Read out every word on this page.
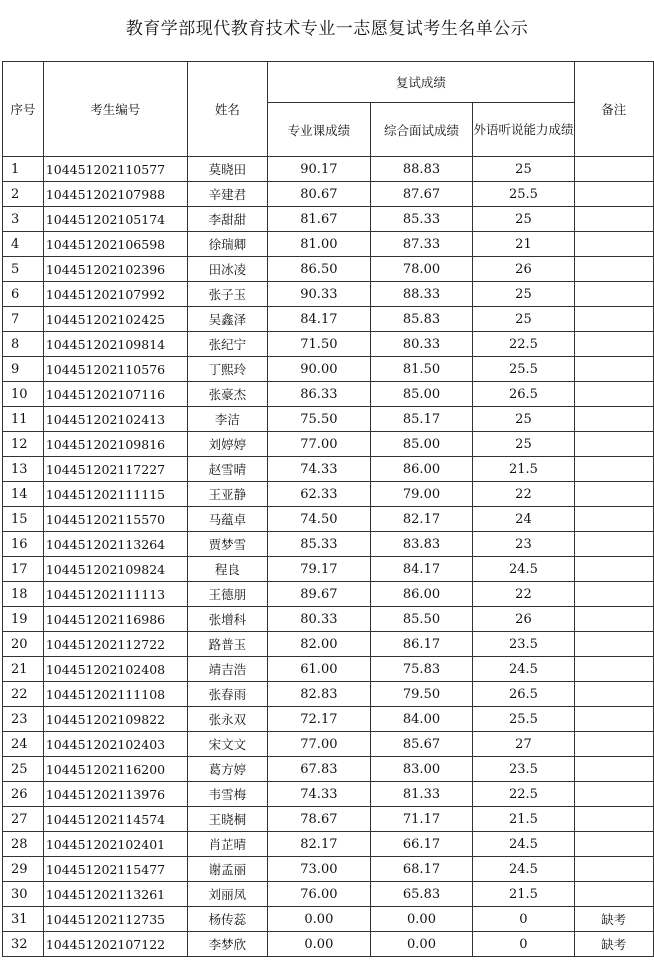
教育学部现代教育技术专业一志愿复试考生名单公示
序号	考生编号	姓名	复试成绩			备注
			专业课成绩	综合面试成绩	外语听说能力成绩	
1	104451202110577	莫晓田	90.17	88.83	25	
2	104451202107988	辛建君	80.67	87.67	25.5	
3	104451202105174	李甜甜	81.67	85.33	25	
4	104451202106598	徐瑞卿	81.00	87.33	21	
5	104451202102396	田冰凌	86.50	78.00	26	
6	104451202107992	张子玉	90.33	88.33	25	
7	104451202102425	吴鑫泽	84.17	85.83	25	
8	104451202109814	张纪宁	71.50	80.33	22.5	
9	104451202110576	丁熙玲	90.00	81.50	25.5	
10	104451202107116	张豪杰	86.33	85.00	26.5	
11	104451202102413	李洁	75.50	85.17	25	
12	104451202109816	刘婷婷	77.00	85.00	25	
13	104451202117227	赵雪晴	74.33	86.00	21.5	
14	104451202111115	王亚静	62.33	79.00	22	
15	104451202115570	马蕴卓	74.50	82.17	24	
16	104451202113264	贾梦雪	85.33	83.83	23	
17	104451202109824	程良	79.17	84.17	24.5	
18	104451202111113	王德朋	89.67	86.00	22	
19	104451202116986	张增科	80.33	85.50	26	
20	104451202112722	路普玉	82.00	86.17	23.5	
21	104451202102408	靖吉浩	61.00	75.83	24.5	
22	104451202111108	张春雨	82.83	79.50	26.5	
23	104451202109822	张永双	72.17	84.00	25.5	
24	104451202102403	宋文文	77.00	85.67	27	
25	104451202116200	葛方婷	67.83	83.00	23.5	
26	104451202113976	韦雪梅	74.33	81.33	22.5	
27	104451202114574	王晓桐	78.67	71.17	21.5	
28	104451202102401	肖芷晴	82.17	66.17	24.5	
29	104451202115477	谢孟丽	73.00	68.17	24.5	
30	104451202113261	刘丽凤	76.00	65.83	21.5	
31	104451202112735	杨传蕊	0.00	0.00	0	缺考
32	104451202107122	李梦欣	0.00	0.00	0	缺考
